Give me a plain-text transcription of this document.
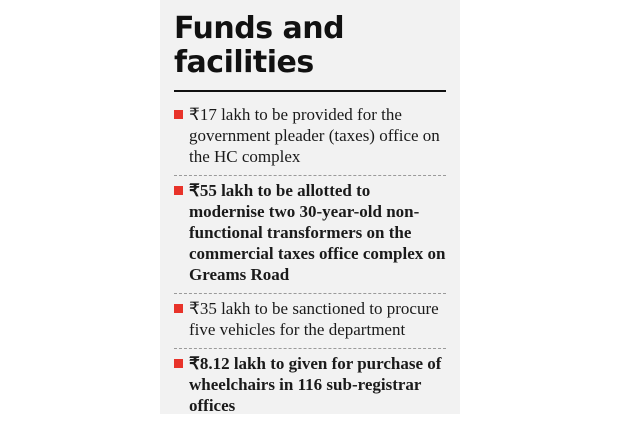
Funds and facilities
₹17 lakh to be provided for the government pleader (taxes) office on the HC complex
₹55 lakh to be allotted to modernise two 30-year-old non-functional transformers on the commercial taxes office complex on Greams Road
₹35 lakh to be sanctioned to procure five vehicles for the department
₹8.12 lakh to given for purchase of wheelchairs in 116 sub-registrar offices
